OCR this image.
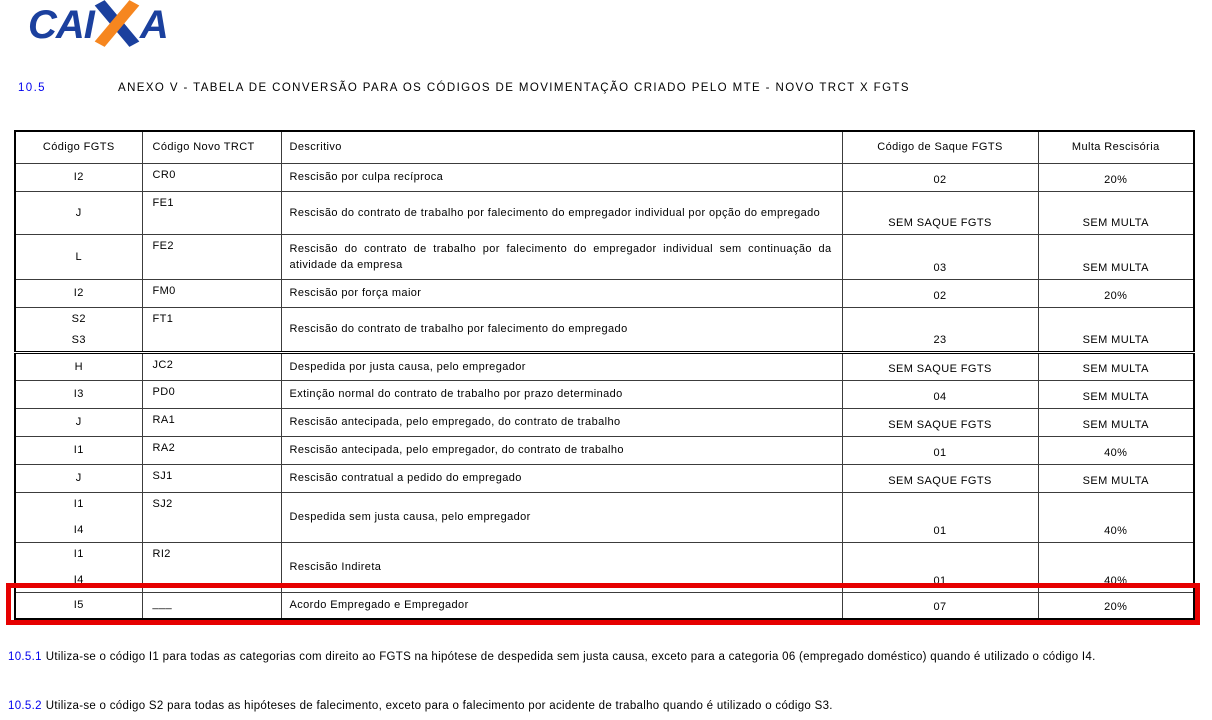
CAI A
10.5	ANEXO V - TABELA DE CONVERSÃO PARA OS CÓDIGOS DE MOVIMENTAÇÃO CRIADO PELO MTE - NOVO TRCT X FGTS
Código FGTS	Código Novo TRCT	Descritivo	Código de Saque FGTS	Multa Rescisória
I2	CR0	Rescisão por culpa recíproca	02	20%
J	FE1	Rescisão do contrato de trabalho por falecimento do empregador individual por opção do empregado	SEM SAQUE FGTS	SEM MULTA
L	FE2	Rescisão do contrato de trabalho por falecimento do empregador individual sem continuação da atividade da empresa	03	SEM MULTA
I2	FM0	Rescisão por força maior	02	20%

S2
S3	FT1	Rescisão do contrato de trabalho por falecimento do empregado	23	SEM MULTA
H	JC2	Despedida por justa causa, pelo empregador	SEM SAQUE FGTS	SEM MULTA
I3	PD0	Extinção normal do contrato de trabalho por prazo determinado	04	SEM MULTA
J	RA1	Rescisão antecipada, pelo empregado, do contrato de trabalho	SEM SAQUE FGTS	SEM MULTA
I1	RA2	Rescisão antecipada, pelo empregador, do contrato de trabalho	01	40%
J	SJ1	Rescisão contratual a pedido do empregado	SEM SAQUE FGTS	SEM MULTA

I1
I4	SJ2	Despedida sem justa causa, pelo empregador	01	40%

I1
I4	RI2	Rescisão Indireta	01	40%
I5	___	Acordo Empregado e Empregador	07	20%

10.5.1 Utiliza-se o código I1 para todas as categorias com direito ao FGTS na hipótese de despedida sem justa causa, exceto para a categoria 06 (empregado doméstico) quando é utilizado o código I4.

10.5.2 Utiliza-se o código S2 para todas as hipóteses de falecimento, exceto para o falecimento por acidente de trabalho quando é utilizado o código S3.
